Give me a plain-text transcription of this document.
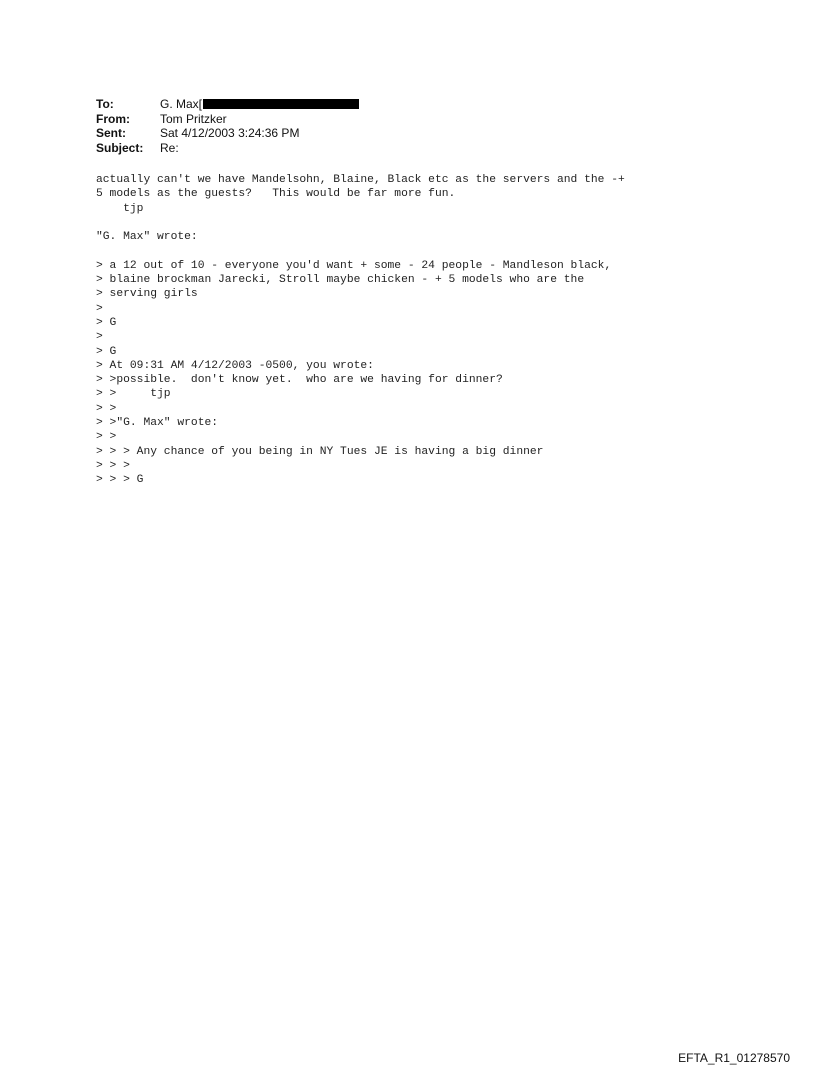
To:	G. Max[
From:	Tom Pritzker
Sent:	Sat 4/12/2003 3:24:36 PM
Subject:	Re:
actually can't we have Mandelsohn, Blaine, Black etc as the servers and the -+
5 models as the guests?   This would be far more fun.
tjp

"G. Max" wrote:

> a 12 out of 10 - everyone you'd want + some - 24 people - Mandleson black,
> blaine brockman Jarecki, Stroll maybe chicken - + 5 models who are the
> serving girls
>
> G
>
> G
> At 09:31 AM 4/12/2003 -0500, you wrote:
> >possible.  don't know yet.  who are we having for dinner?
> >     tjp
> >
> >"G. Max" wrote:
> >
> > > Any chance of you being in NY Tues JE is having a big dinner
> > >
> > > G
EFTA_R1_01278570
